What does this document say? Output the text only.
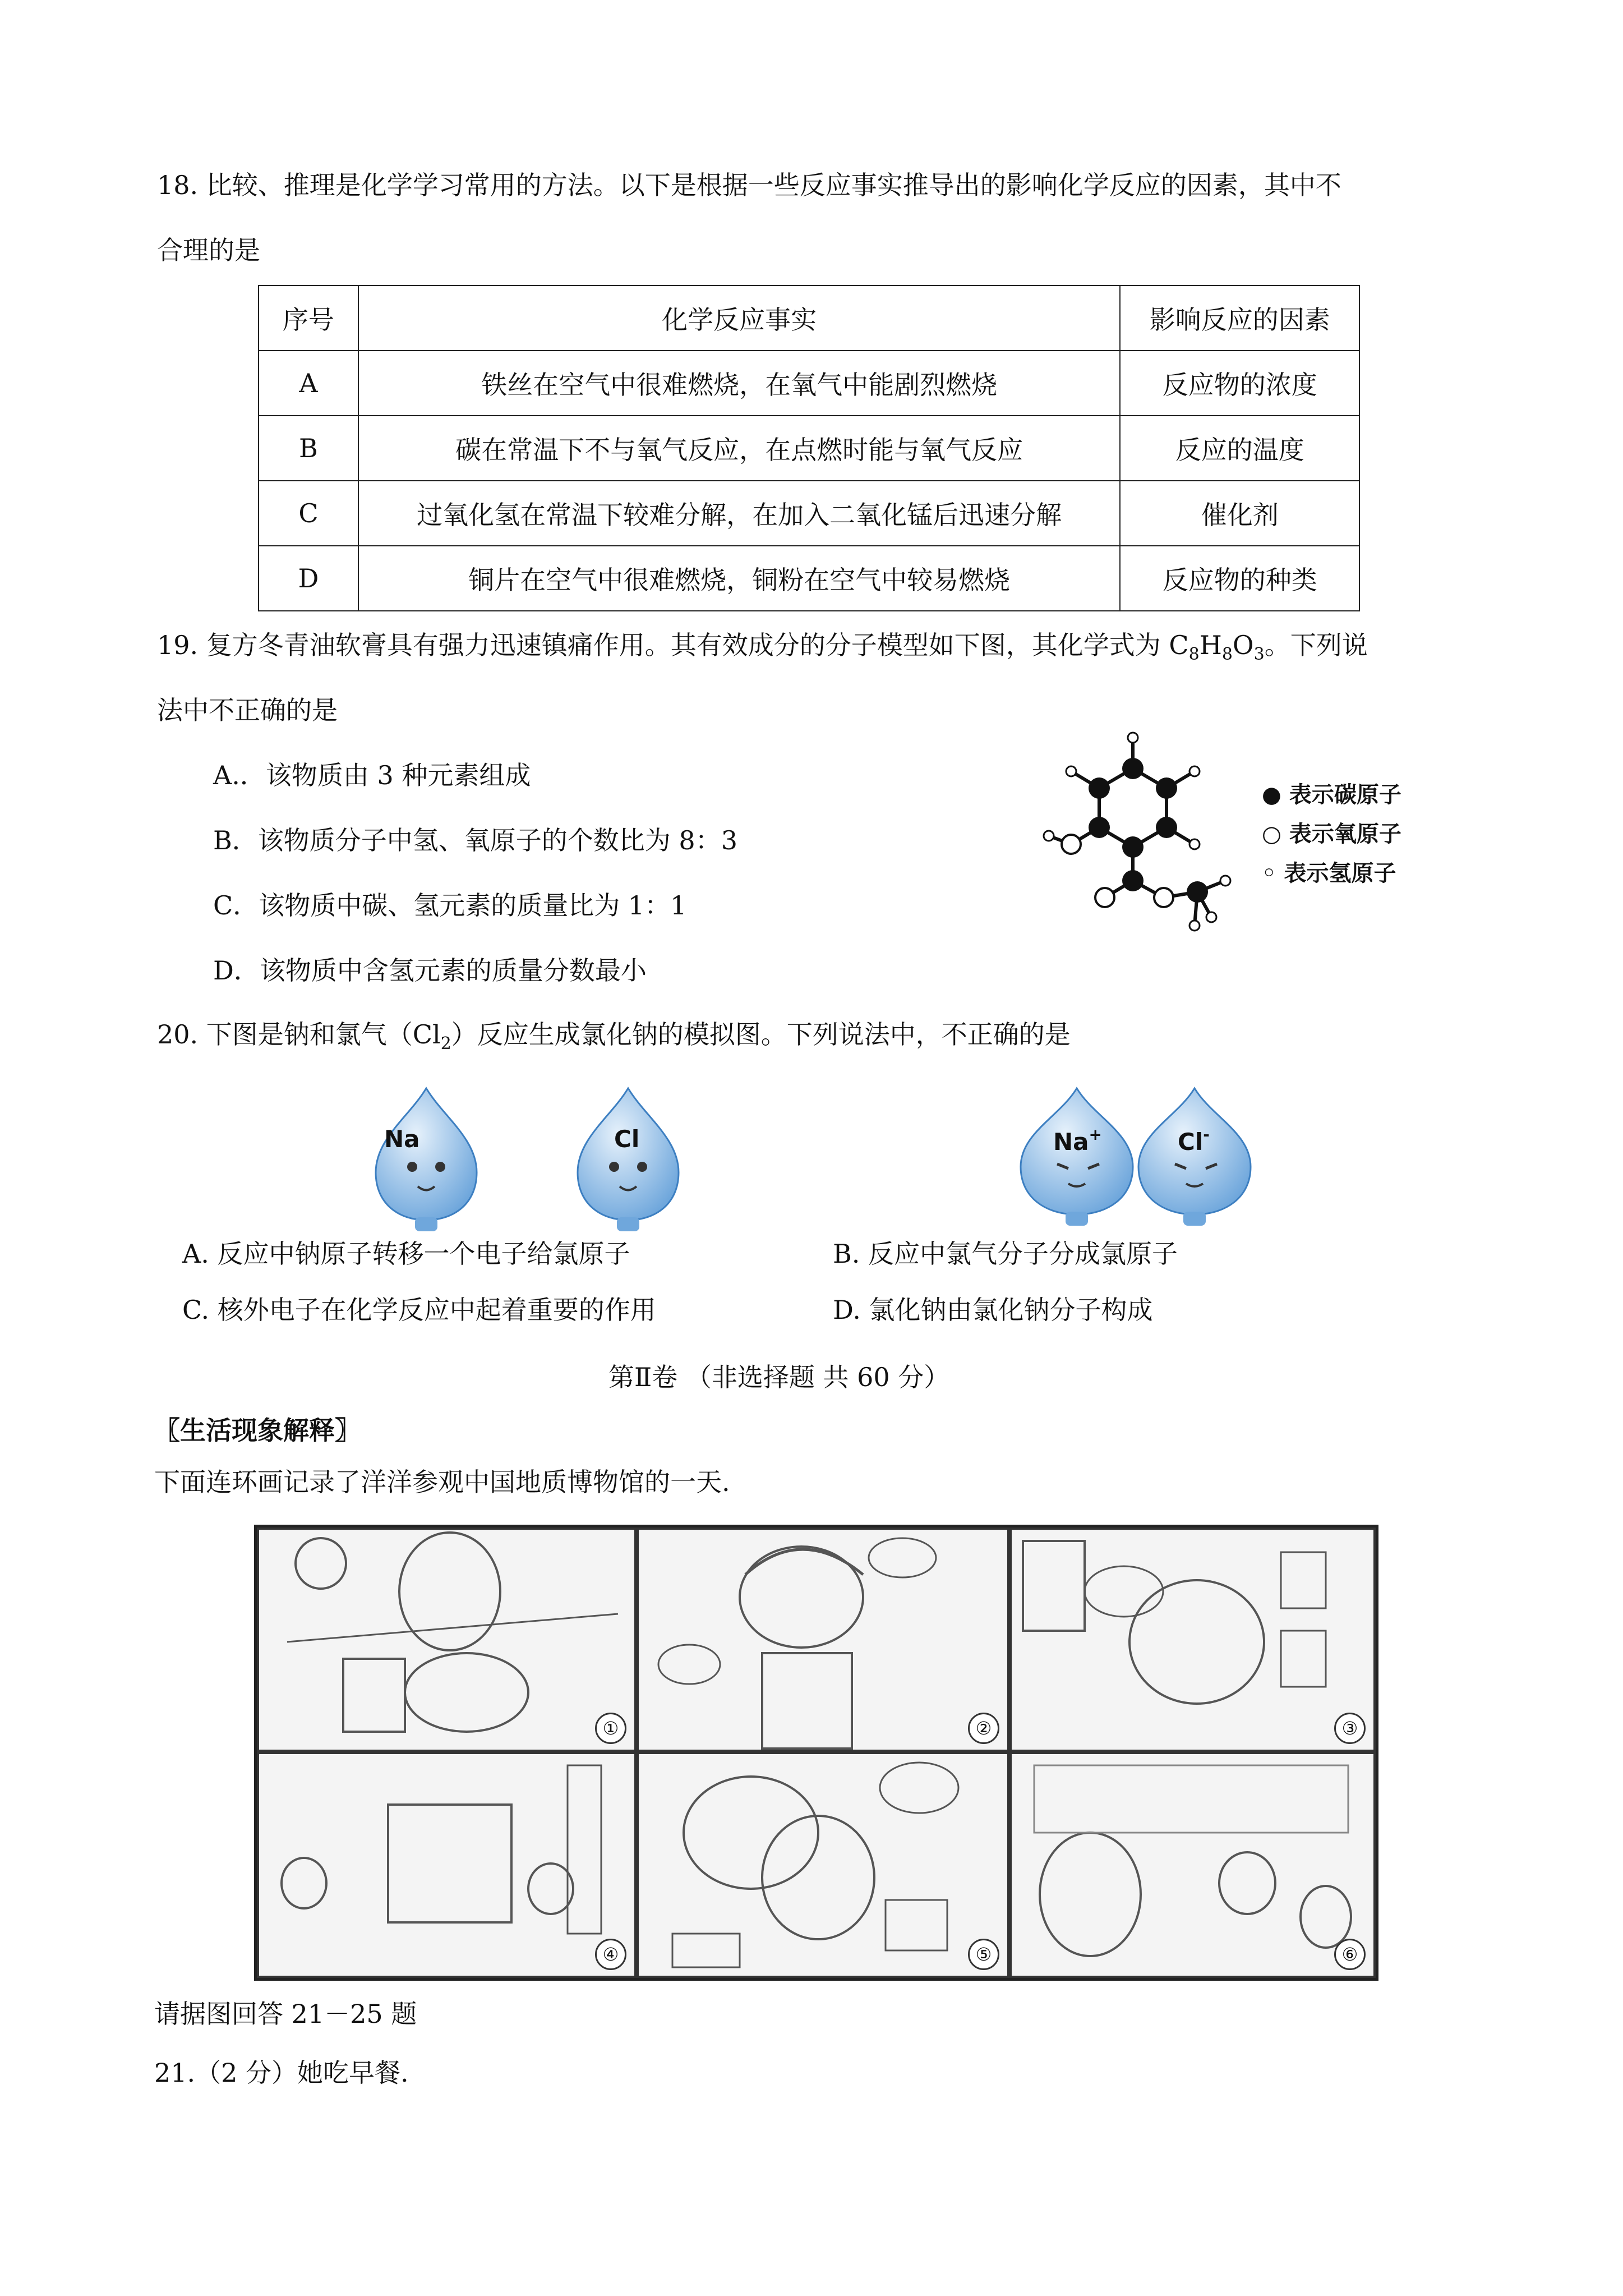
18. 比较、推理是化学学习常用的方法。以下是根据一些反应事实推导出的影响化学反应的因素，其中不
合理的是
序号	化学反应事实	影响反应的因素
A	铁丝在空气中很难燃烧，在氧气中能剧烈燃烧	反应物的浓度
B	碳在常温下不与氧气反应，在点燃时能与氧气反应	反应的温度
C	过氧化氢在常温下较难分解，在加入二氧化锰后迅速分解	催化剂
D	铜片在空气中很难燃烧，铜粉在空气中较易燃烧	反应物的种类
19. 复方冬青油软膏具有强力迅速镇痛作用。其有效成分的分子模型如下图，其化学式为 $C_8H_8O_3$。下列说
法中不正确的是
A.．该物质由 3 种元素组成
B．该物质分子中氢、氧原子的个数比为 8：3
C．该物质中碳、氢元素的质量比为 1：1
D．该物质中含氢元素的质量分数最小
● 表示碳原子
○ 表示氧原子
◦ 表示氢原子
20. 下图是钠和氯气$(Cl_2)$反应生成氯化钠的模拟图。下列说法中，不正确的是
Na	Cl	Na+	Cl-
A. 反应中钠原子转移一个电子给氯原子	B. 反应中氯气分子分成氯原子
C. 核外电子在化学反应中起着重要的作用	D. 氯化钠由氯化钠分子构成
第Ⅱ卷 （非选择题 共 60 分）
〖生活现象解释〗
下面连环画记录了洋洋参观中国地质博物馆的一天.
①	②	③
④	⑤	⑥
请据图回答 21－25 题
21.（2 分）她吃早餐.
